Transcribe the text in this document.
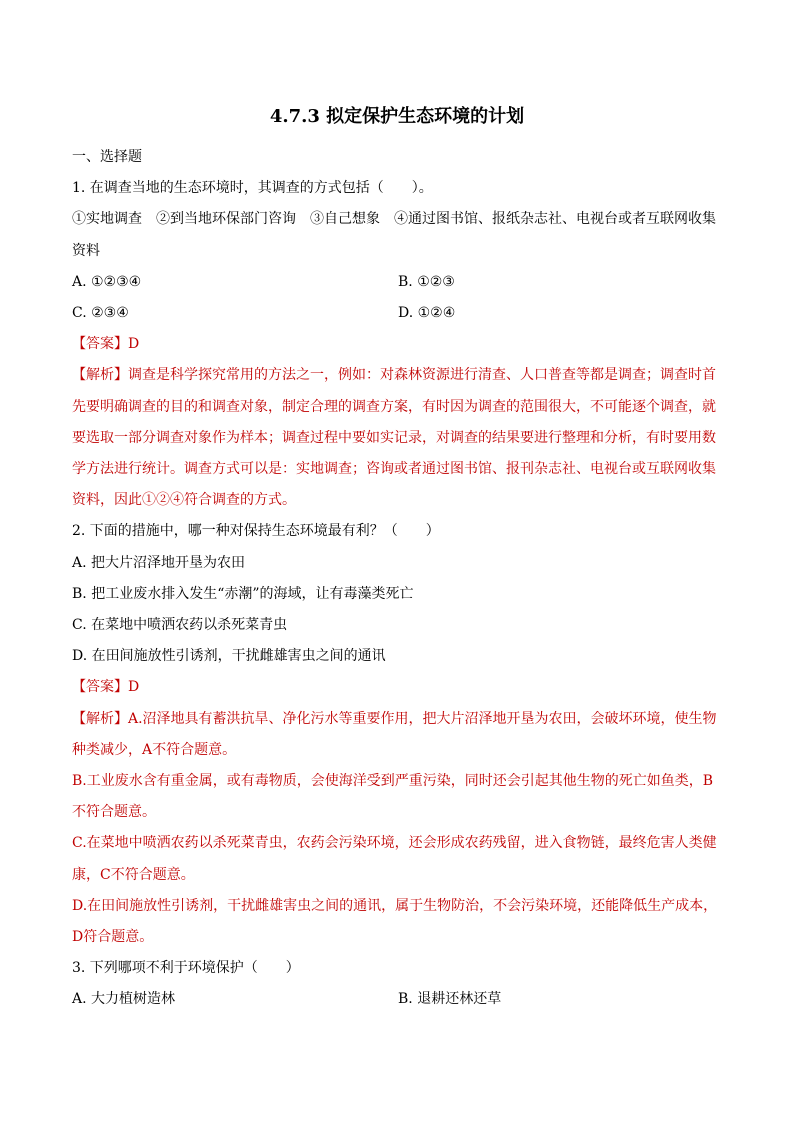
4.7.3 拟定保护生态环境的计划

一、选择题

1. 在调查当地的生态环境时，其调查的方式包括（　　）。

①实地调查　②到当地环保部门咨询　③自己想象　④通过图书馆、报纸杂志社、电视台或者互联网收集

资料

A. ①②③④	B. ①②③
C. ②③④	D. ①②④

【答案】D

【解析】调查是科学探究常用的方法之一，例如：对森林资源进行清查、人口普查等都是调查；调查时首先要明确调查的目的和调查对象，制定合理的调查方案，有时因为调查的范围很大，不可能逐个调查，就要选取一部分调查对象作为样本；调查过程中要如实记录，对调查的结果要进行整理和分析，有时要用数学方法进行统计。调查方式可以是：实地调查；咨询或者通过图书馆、报刊杂志社、电视台或互联网收集资料，因此①②④符合调查的方式。

2. 下面的措施中，哪一种对保持生态环境最有利？（　　）

A. 把大片沼泽地开垦为农田

B. 把工业废水排入发生“赤潮”的海域，让有毒藻类死亡

C. 在菜地中喷洒农药以杀死菜青虫

D. 在田间施放性引诱剂，干扰雌雄害虫之间的通讯

【答案】D

【解析】A.沼泽地具有蓄洪抗旱、净化污水等重要作用，把大片沼泽地开垦为农田，会破坏环境，使生物种类减少，A不符合题意。

B.工业废水含有重金属，或有毒物质，会使海洋受到严重污染，同时还会引起其他生物的死亡如鱼类，B不符合题意。

C.在菜地中喷洒农药以杀死菜青虫，农药会污染环境，还会形成农药残留，进入食物链，最终危害人类健康，C不符合题意。

D.在田间施放性引诱剂，干扰雌雄害虫之间的通讯，属于生物防治，不会污染环境，还能降低生产成本，D符合题意。

3. 下列哪项不利于环境保护（　　）

A. 大力植树造林	B. 退耕还林还草
